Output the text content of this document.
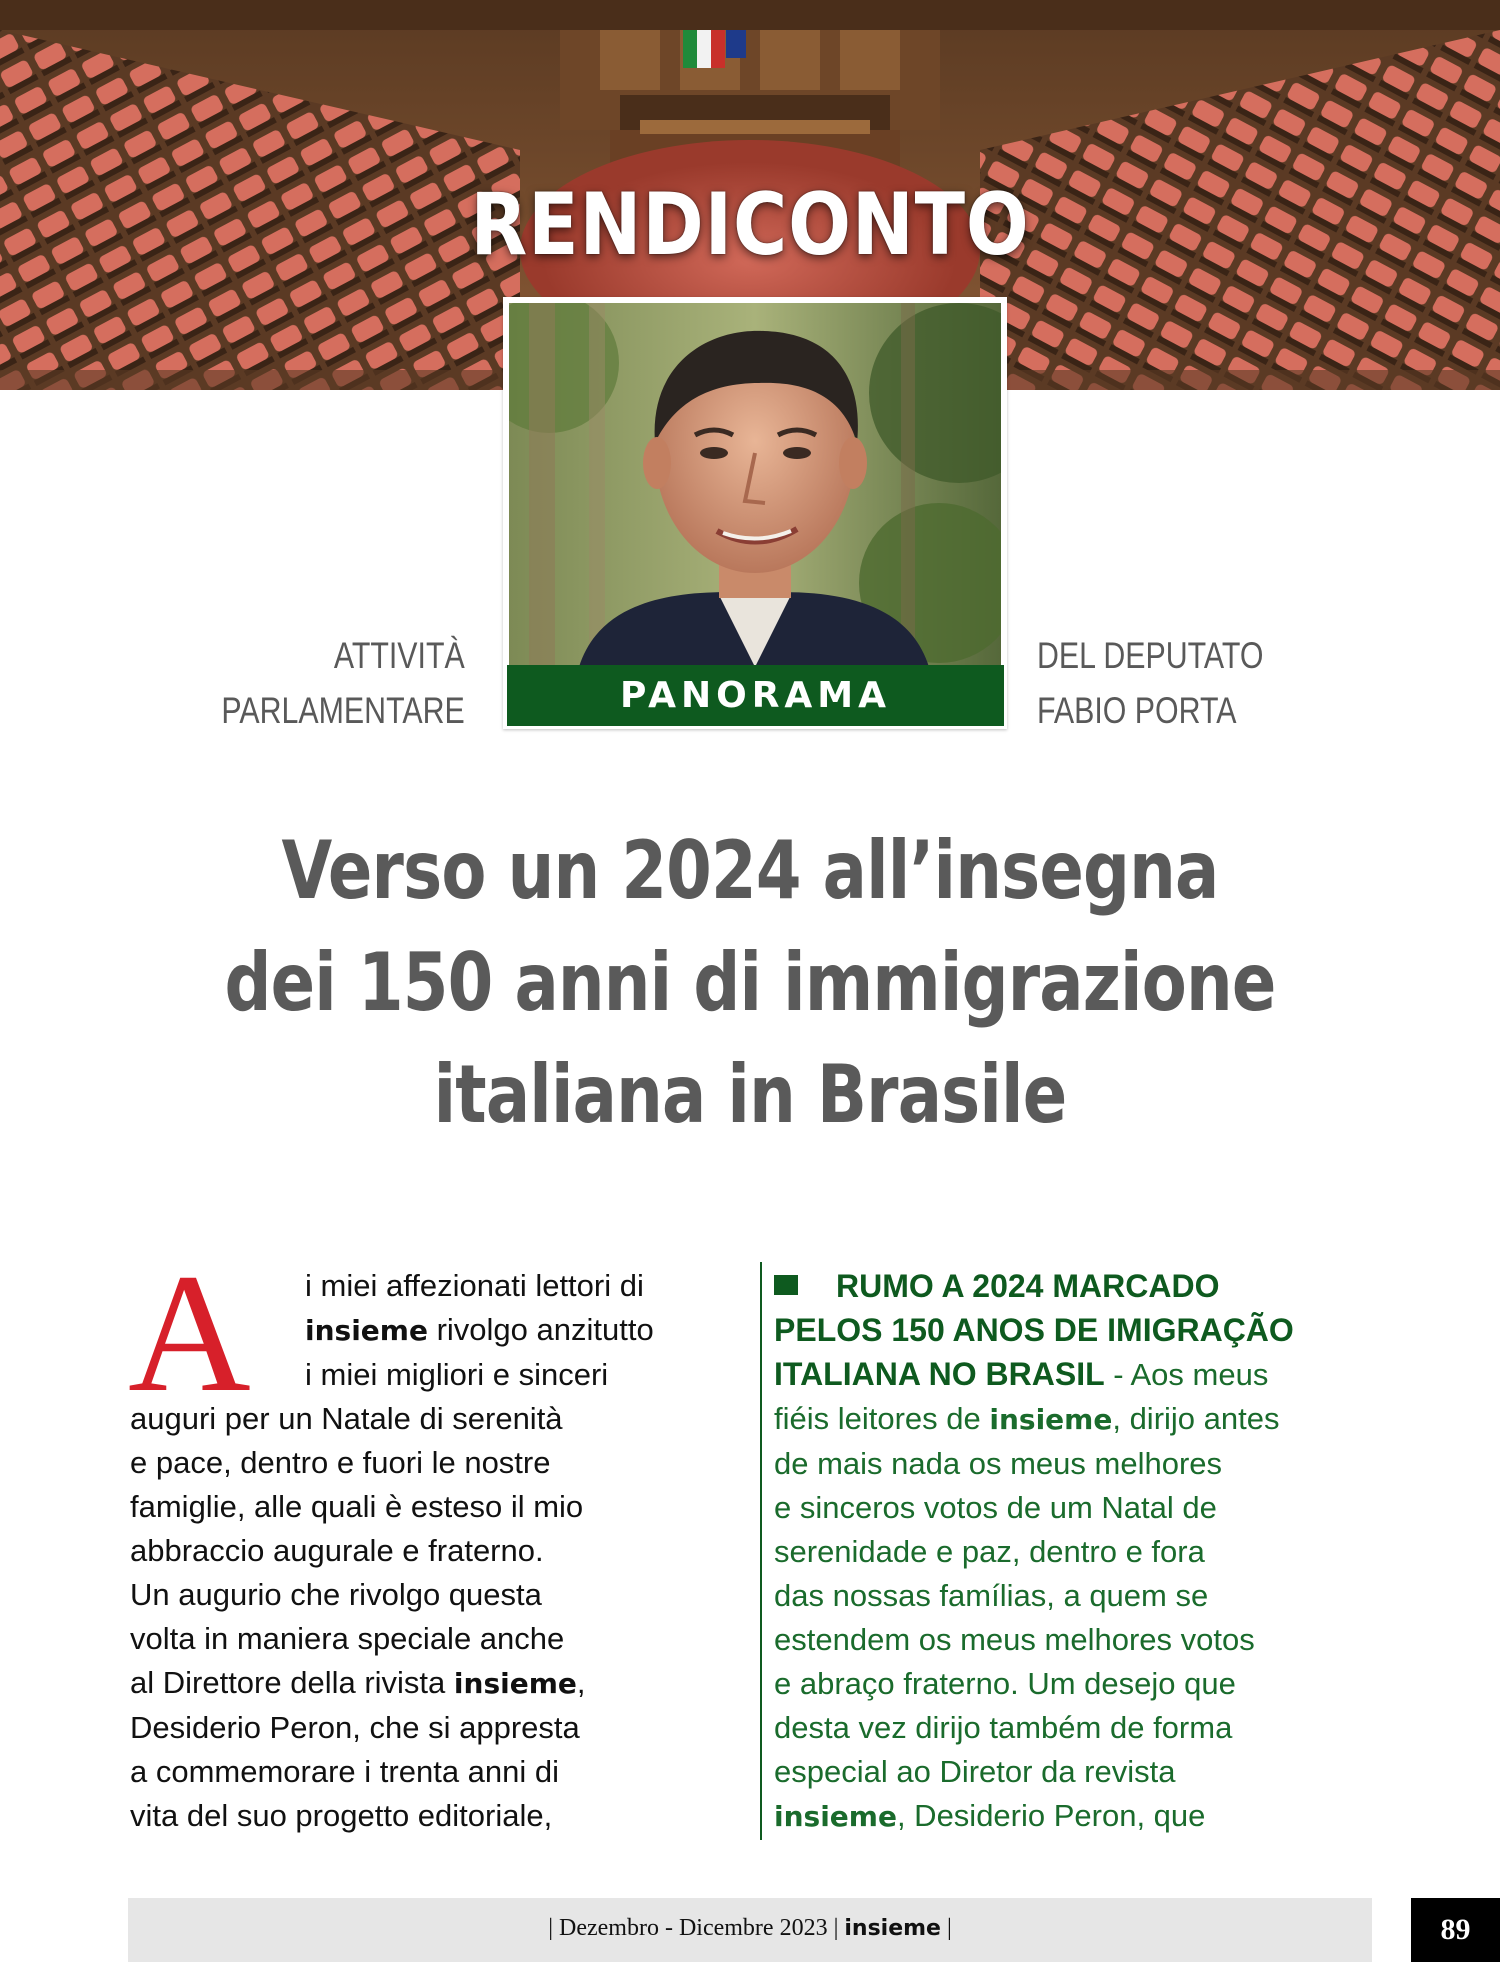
RENDICONTO
PANORAMA
ATTIVITÀ
PARLAMENTARE
DEL DEPUTATO
FABIO PORTA
Verso un 2024 all’insegna
dei 150 anni di immigrazione
italiana in Brasile
A	i miei affezionati lettori di
insieme rivolgo anzitutto
i miei migliori e sinceri
auguri per un Natale di serenità
e pace, dentro e fuori le nostre
famiglie, alle quali è esteso il mio
abbraccio augurale e fraterno.
Un augurio che rivolgo questa
volta in maniera speciale anche
al Direttore della rivista insieme,
Desiderio Peron, che si appresta
a commemorare i trenta anni di
vita del suo progetto editoriale,
RUMO A 2024 MARCADO
PELOS 150 ANOS DE IMIGRAÇÃO
ITALIANA NO BRASIL - Aos meus
fiéis leitores de insieme, dirijo antes
de mais nada os meus melhores
e sinceros votos de um Natal de
serenidade e paz, dentro e fora
das nossas famílias, a quem se
estendem os meus melhores votos
e abraço fraterno. Um desejo que
desta vez dirijo também de forma
especial ao Diretor da revista
insieme, Desiderio Peron, que
| Dezembro - Dicembre 2023 | insieme |	89
